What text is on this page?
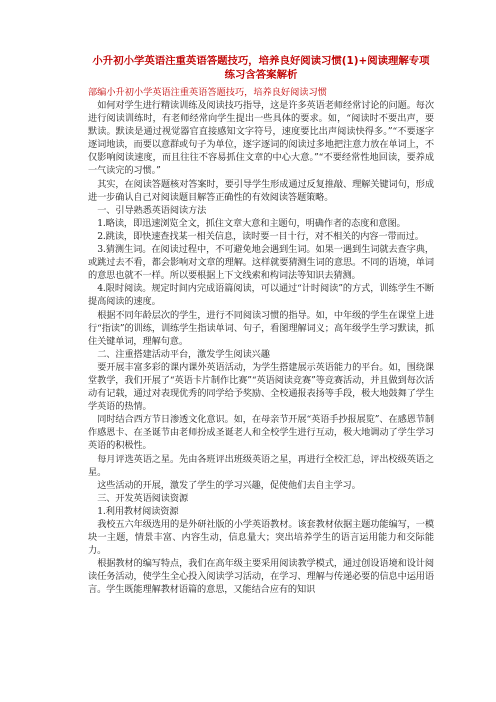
小升初小学英语注重英语答题技巧，培养良好阅读习惯(1)+阅读理解专项练习含答案解析

部编小升初小学英语注重英语答题技巧，培养良好阅读习惯

如何对学生进行精读训练及阅读技巧指导，这是许多英语老师经常讨论的问题。每次进行阅读训练时，有老师经常向学生提出一些具体的要求。如，“阅读时不要出声，要默读。默读是通过视觉器官直接感知文字符号，速度要比出声阅读快得多。”“不要逐字逐词地读，而要以意群或句子为单位，逐字逐词的阅读过多地把注意力放在单词上，不仅影响阅读速度，而且往往不容易抓住文章的中心大意。”“不要经常性地回读，要养成一气读完的习惯。”

其实，在阅读答题核对答案时，要引导学生形成通过反复推敲、理解关键词句，形成进一步确认自己对阅读题目解答正确性的有效阅读答题策略。

一、引导熟悉英语阅读方法

1.略读，即迅速浏览全文，抓住文章大意和主题句，明确作者的态度和意图。

2.跳读，即快速查找某一相关信息，读时要一目十行，对不相关的内容一带而过。

3.猜测生词。在阅读过程中，不可避免地会遇到生词。如果一遇到生词就去查字典，或跳过去不看，都会影响对文章的理解。这样就要猜测生词的意思。不同的语境，单词的意思也就不一样。所以要根据上下文线索和构词法等知识去猜测。

4.限时阅读。规定时间内完成语篇阅读，可以通过“计时阅读”的方式，训练学生不断提高阅读的速度。

根据不同年龄层次的学生，进行不同阅读习惯的指导。如，中年级的学生在课堂上进行“指读”的训练，训练学生指读单词、句子，看图理解词义；高年级学生学习默读，抓住关键单词，理解句意。

二、注重搭建活动平台，激发学生阅读兴趣

要开展丰富多彩的课内课外英语活动，为学生搭建展示英语能力的平台。如，围绕课堂教学，我们开展了“英语卡片制作比赛”“英语阅读竞赛”等竞赛活动，并且做到每次活动有记载，通过对表现优秀的同学给予奖励、全校通报表扬等手段，极大地鼓舞了学生学英语的热情。

同时结合西方节日渗透文化意识。如，在母亲节开展“英语手抄报展览”、在感恩节制作感恩卡、在圣诞节由老师扮成圣诞老人和全校学生进行互动，极大地调动了学生学习英语的积极性。

每月评选英语之星。先由各班评出班级英语之星，再进行全校汇总，评出校级英语之星。

这些活动的开展，激发了学生的学习兴趣，促使他们去自主学习。

三、开发英语阅读资源

1.利用教材阅读资源

我校五六年级选用的是外研社版的小学英语教材。该套教材依据主题功能编写，一模块一主题，情景丰富、内容生动，信息量大；突出培养学生的语言运用能力和交际能力。

根据教材的编写特点，我们在高年级主要采用阅读教学模式，通过创设语境和设计阅读任务活动，使学生全心投入阅读学习活动，在学习、理解与传递必要的信息中运用语言。学生既能理解教材语篇的意思，又能结合应有的知识
